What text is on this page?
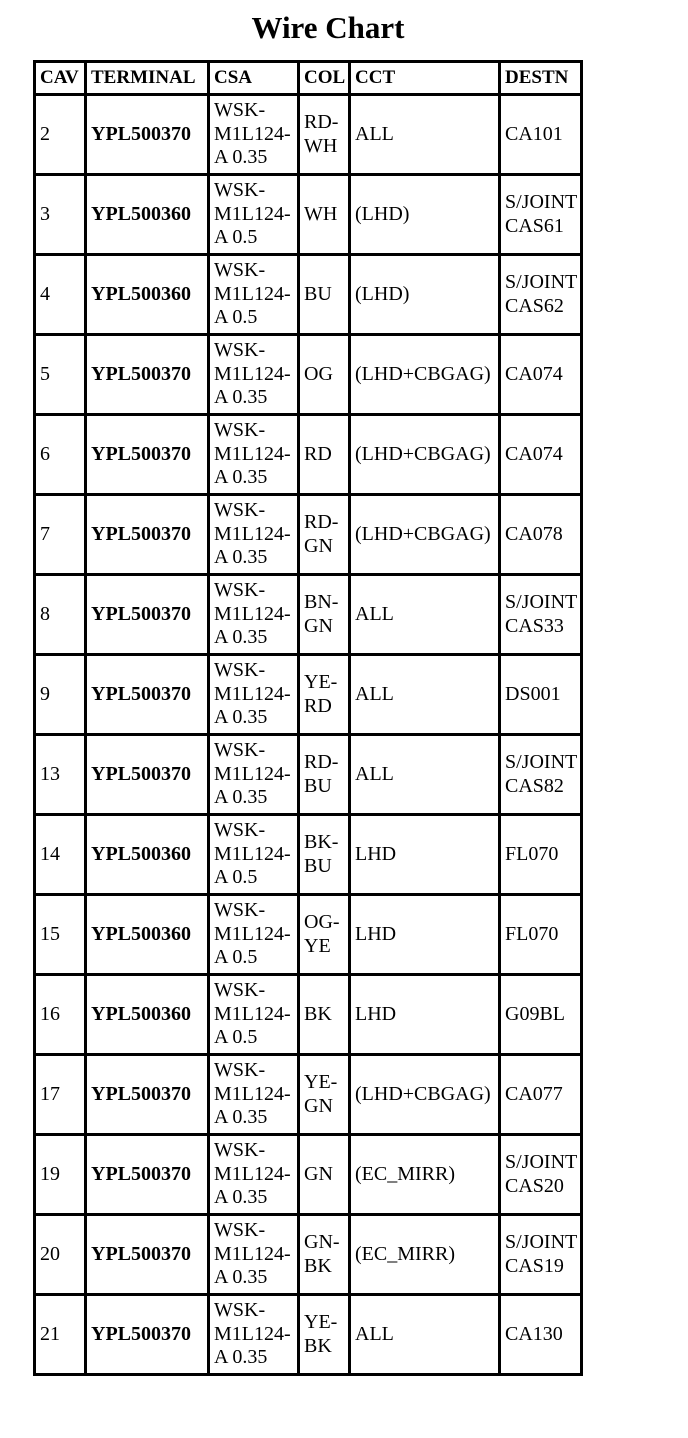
Wire Chart
CAV	TERMINAL	CSA	COL	CCT	DESTN
2	YPL500370	WSK-
M1L124-
A 0.35	RD-
WH	ALL	CA101
3	YPL500360	WSK-
M1L124-
A 0.5	WH	(LHD)	S/JOINT
CAS61
4	YPL500360	WSK-
M1L124-
A 0.5	BU	(LHD)	S/JOINT
CAS62
5	YPL500370	WSK-
M1L124-
A 0.35	OG	(LHD+CBGAG)	CA074
6	YPL500370	WSK-
M1L124-
A 0.35	RD	(LHD+CBGAG)	CA074
7	YPL500370	WSK-
M1L124-
A 0.35	RD-
GN	(LHD+CBGAG)	CA078
8	YPL500370	WSK-
M1L124-
A 0.35	BN-
GN	ALL	S/JOINT
CAS33
9	YPL500370	WSK-
M1L124-
A 0.35	YE-
RD	ALL	DS001
13	YPL500370	WSK-
M1L124-
A 0.35	RD-
BU	ALL	S/JOINT
CAS82
14	YPL500360	WSK-
M1L124-
A 0.5	BK-
BU	LHD	FL070
15	YPL500360	WSK-
M1L124-
A 0.5	OG-
YE	LHD	FL070
16	YPL500360	WSK-
M1L124-
A 0.5	BK	LHD	G09BL
17	YPL500370	WSK-
M1L124-
A 0.35	YE-
GN	(LHD+CBGAG)	CA077
19	YPL500370	WSK-
M1L124-
A 0.35	GN	(EC_MIRR)	S/JOINT
CAS20
20	YPL500370	WSK-
M1L124-
A 0.35	GN-
BK	(EC_MIRR)	S/JOINT
CAS19
21	YPL500370	WSK-
M1L124-
A 0.35	YE-
BK	ALL	CA130
